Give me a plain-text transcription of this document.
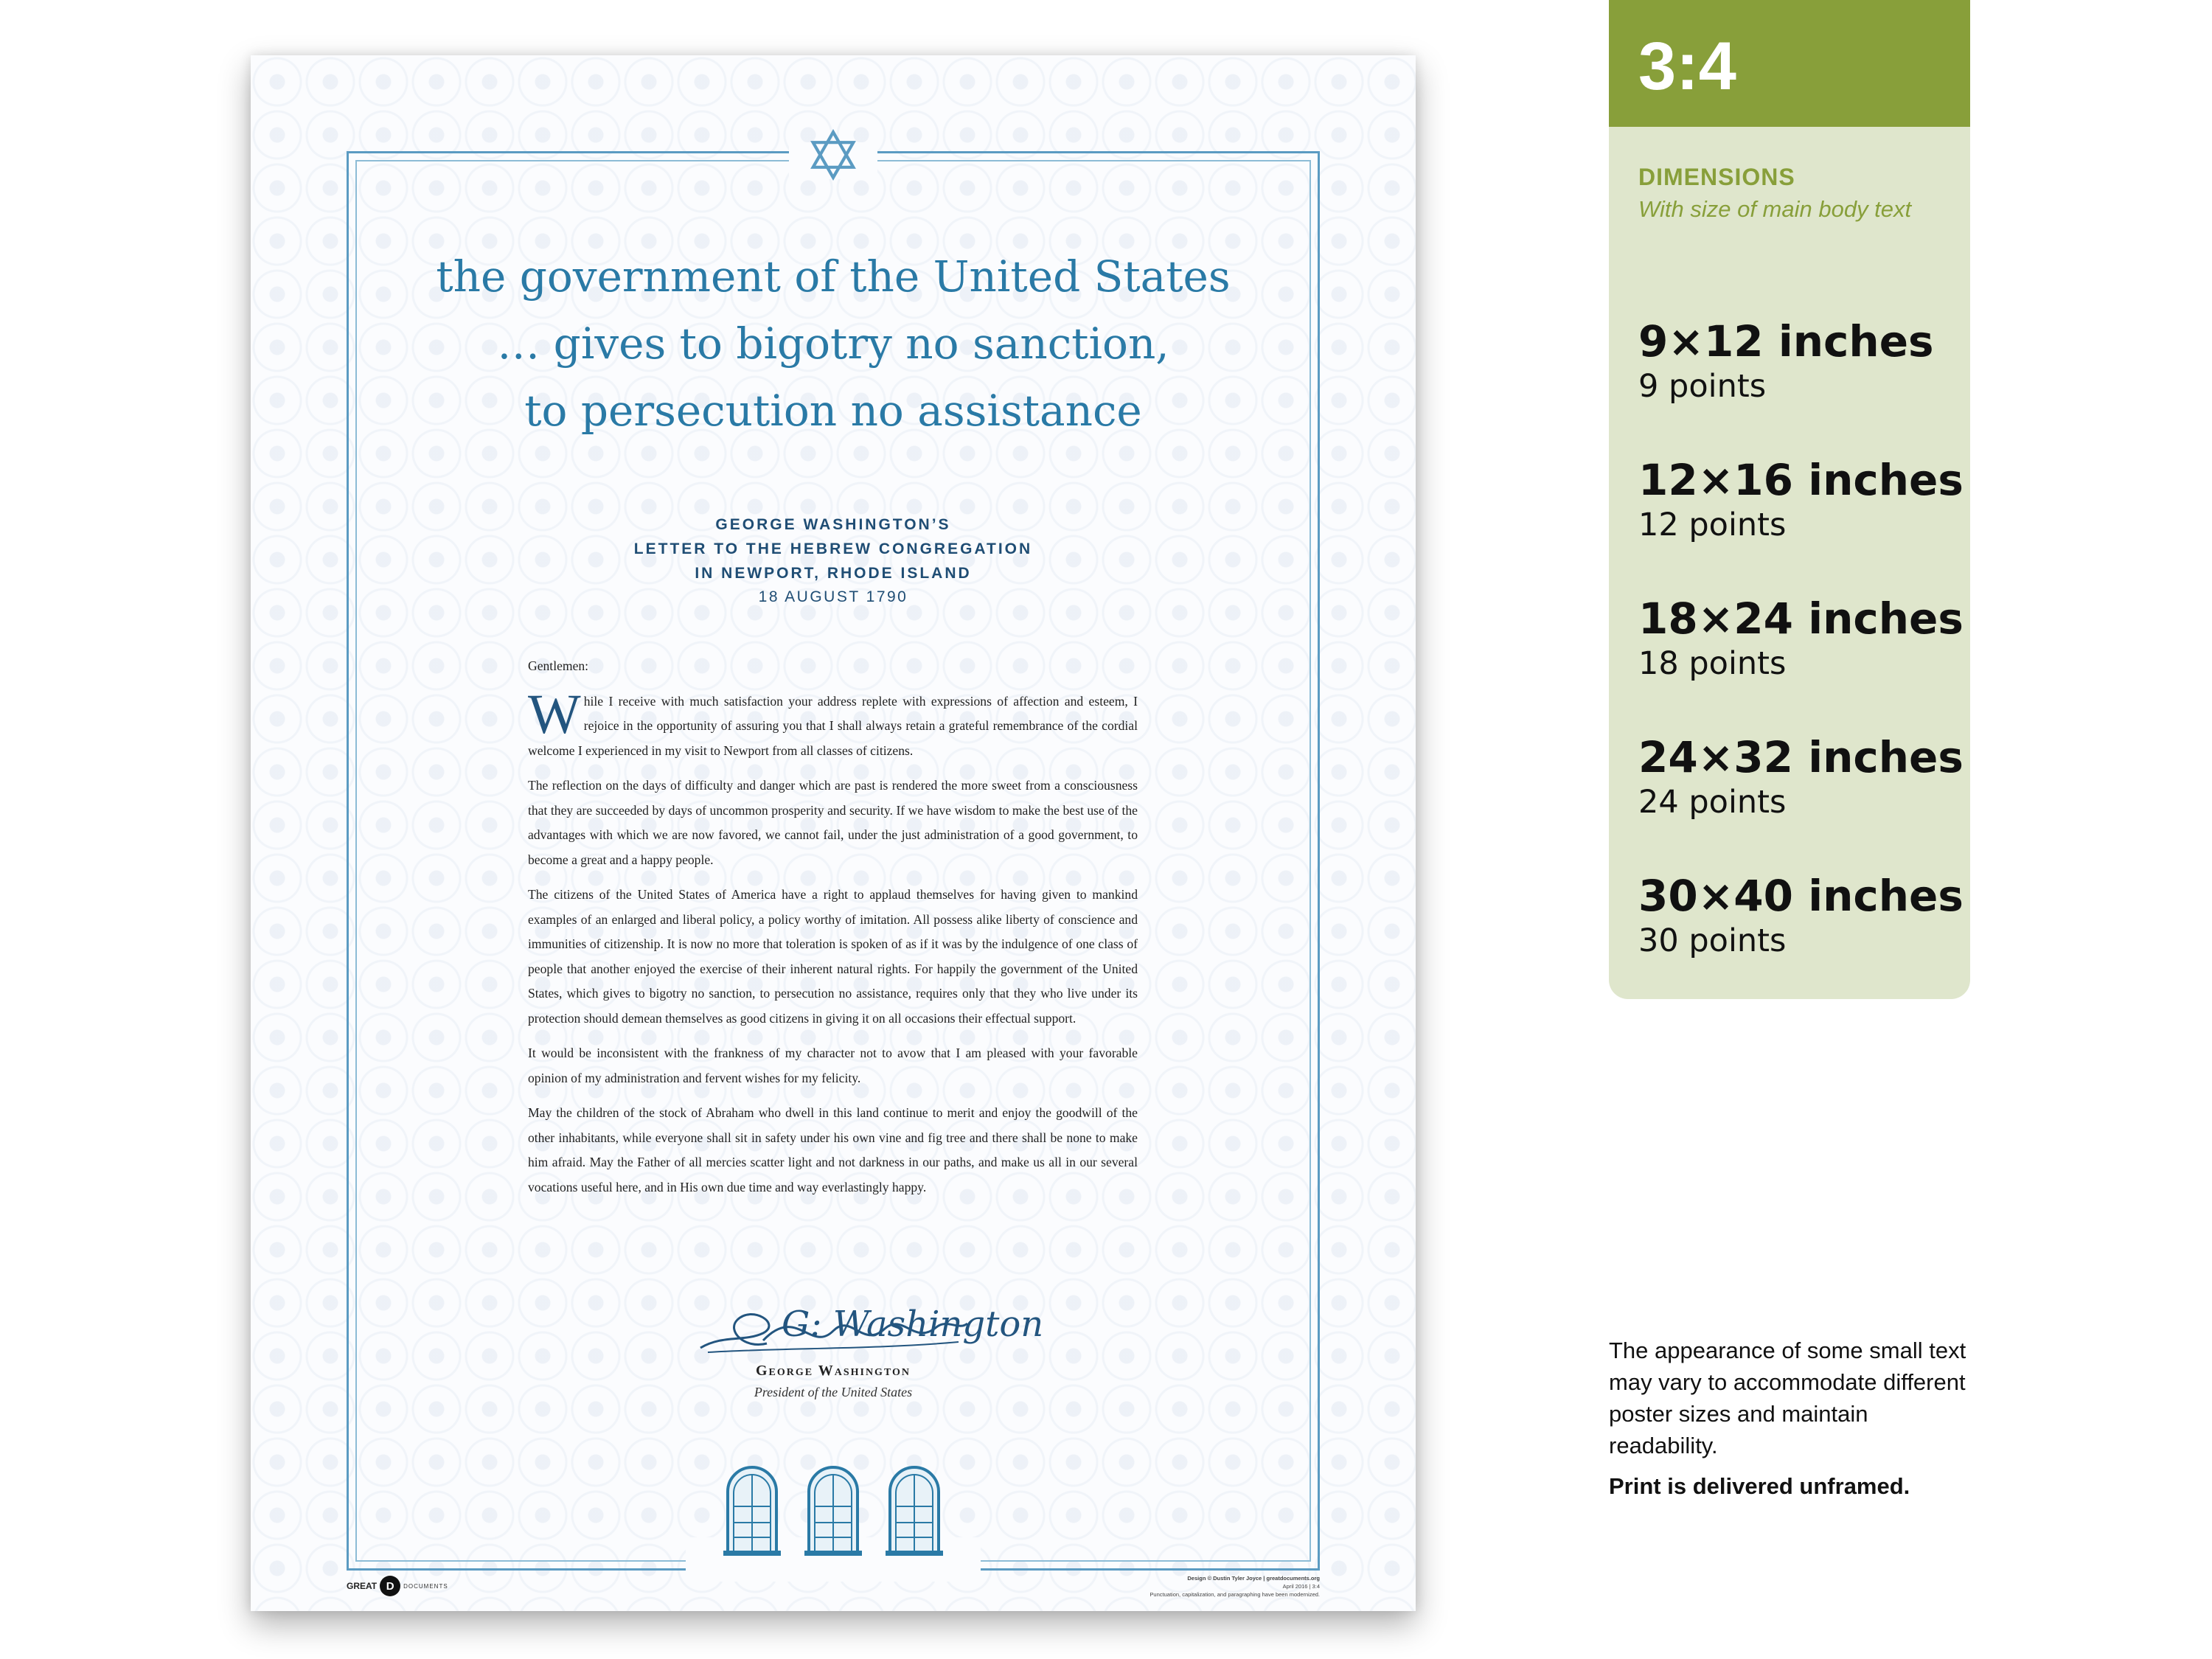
the government of the United States
… gives to bigotry no sanction,
to persecution no assistance
GEORGE WASHINGTON’S
LETTER TO THE HEBREW CONGREGATION
IN NEWPORT, RHODE ISLAND
18 AUGUST 1790

Gentlemen:

While I receive with much satisfaction your address replete with expressions of affection and esteem, I rejoice in the opportunity of assuring you that I shall always retain a grateful remembrance of the cordial welcome I experienced in my visit to Newport from all classes of citizens.

The reflection on the days of difficulty and danger which are past is rendered the more sweet from a consciousness that they are succeeded by days of uncommon prosperity and security. If we have wisdom to make the best use of the advantages with which we are now favored, we cannot fail, under the just administration of a good government, to become a great and a happy people.

The citizens of the United States of America have a right to applaud themselves for having given to mankind examples of an enlarged and liberal policy, a policy worthy of imitation. All possess alike liberty of conscience and immunities of citizenship. It is now no more that toleration is spoken of as if it was by the indulgence of one class of people that another enjoyed the exercise of their inherent natural rights. For happily the government of the United States, which gives to bigotry no sanction, to persecution no assistance, requires only that they who live under its protection should demean themselves as good citizens in giving it on all occasions their effectual support.

It would be inconsistent with the frankness of my character not to avow that I am pleased with your favorable opinion of my administration and fervent wishes for my felicity.

May the children of the stock of Abraham who dwell in this land continue to merit and enjoy the goodwill of the other inhabitants, while everyone shall sit in safety under his own vine and fig tree and there shall be none to make him afraid. May the Father of all mercies scatter light and not darkness in our paths, and make us all in our several vocations useful here, and in His own due time and way everlastingly happy.

G: Washington
George Washington
President of the United States
GREAT D	DOCUMENTS
Design © Dustin Tyler Joyce | greatdocuments.org
April 2016 | 3:4
Punctuation, capitalization, and paragraphing have been modernized.
3:4
DIMENSIONS
With size of main body text
9×12 inches
9 points
12×16 inches
12 points
18×24 inches
18 points
24×32 inches
24 points
30×40 inches
30 points
The appearance of some small text may vary to accommodate different poster sizes and maintain readability.
Print is delivered unframed.
